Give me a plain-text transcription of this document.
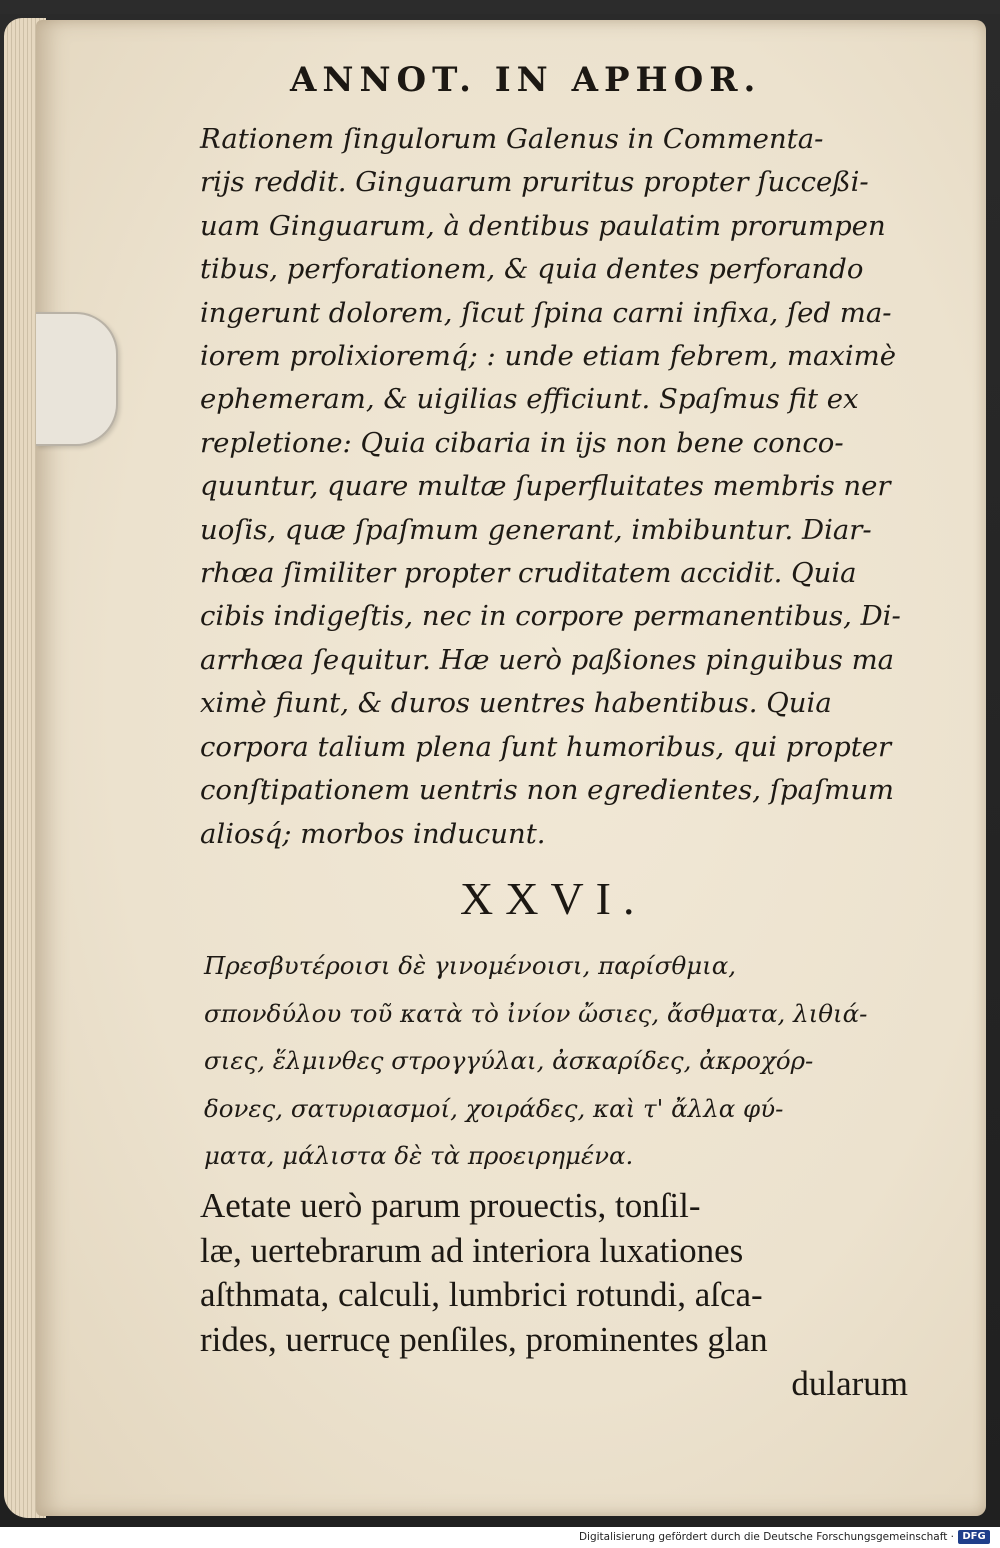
ANNOT. IN APHOR.
Rationem ſingulorum Galenus in Commenta-
rijs reddit. Ginguarum pruritus propter ſucceßi-
uam Ginguarum, à dentibus paulatim prorumpen
tibus, perforationem, & quia dentes perforando
ingerunt dolorem, ſicut ſpina carni infixa, ſed ma-
iorem prolixioremq́; : unde etiam febrem, maximè
ephemeram, & uigilias efficiunt. Spaſmus fit ex
repletione: Quia cibaria in ijs non bene conco-
quuntur, quare multæ ſuperfluitates membris ner
uoſis, quæ ſpaſmum generant, imbibuntur. Diar-
rhœa ſimiliter propter cruditatem accidit. Quia
cibis indigeſtis, nec in corpore permanentibus, Di-
arrhœa ſequitur. Hæ uerò paßiones pinguibus ma
ximè fiunt, & duros uentres habentibus. Quia
corpora talium plena ſunt humoribus, qui propter
conſtipationem uentris non egredientes, ſpaſmum
aliosq́; morbos inducunt.
XXVI.
Πρεσβυτέροισι δὲ γινομένοισι, παρίσθμια,
σπονδύλου τοῦ κατὰ τὸ ἰνίον ὤσιες, ἄσθματα, λιθιά-
σιες, ἕλμινθες στρογγύλαι, ἀσκαρίδες, ἀκροχόρ-
δονες, σατυριασμοί, χοιράδες, καὶ τ' ἄλλα φύ-
ματα, μάλιστα δὲ τὰ προειρημένα.
Aetate uerò parum prouectis, tonſil-
læ, uertebrarum ad interiora luxationes
aſthmata, calculi, lumbrici rotundi, aſca-
rides, uerrucę penſiles, prominentes glan
dularum
Digitalisierung gefördert durch die Deutsche Forschungsgemeinschaft · DFG
